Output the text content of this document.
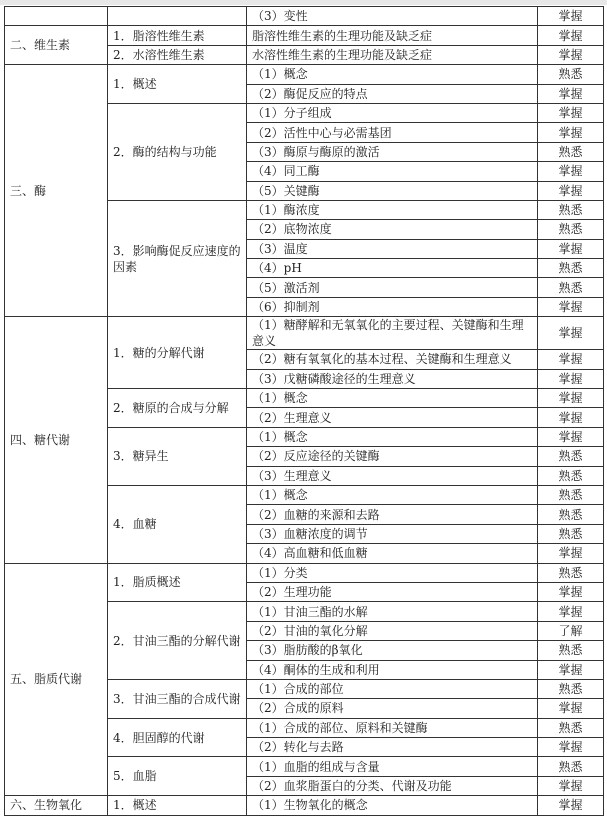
		（3）变性	掌握
二、维生素	1．脂溶性维生素	脂溶性维生素的生理功能及缺乏症	掌握
	2．水溶性维生素	水溶性维生素的生理功能及缺乏症	掌握
三、酶	1．概述	（1）概念	熟悉
		（2）酶促反应的特点	掌握
	2．酶的结构与功能	（1）分子组成	掌握
		（2）活性中心与必需基团	掌握
		（3）酶原与酶原的激活	熟悉
		（4）同工酶	掌握
		（5）关键酶	掌握
	3．影响酶促反应速度的因素	（1）酶浓度	熟悉
		（2）底物浓度	熟悉
		（3）温度	掌握
		（4）pH	熟悉
		（5）激活剂	熟悉
		（6）抑制剂	掌握
四、糖代谢	1．糖的分解代谢	（1）糖酵解和无氧氧化的主要过程、关键酶和生理意义	掌握
		（2）糖有氧氧化的基本过程、关键酶和生理意义	掌握
		（3）戊糖磷酸途径的生理意义	掌握
	2．糖原的合成与分解	（1）概念	掌握
		（2）生理意义	掌握
	3．糖异生	（1）概念	掌握
		（2）反应途径的关键酶	熟悉
		（3）生理意义	熟悉
	4．血糖	（1）概念	熟悉
		（2）血糖的来源和去路	熟悉
		（3）血糖浓度的调节	熟悉
		（4）高血糖和低血糖	掌握
五、脂质代谢	1．脂质概述	（1）分类	熟悉
		（2）生理功能	掌握
	2．甘油三酯的分解代谢	（1）甘油三酯的水解	掌握
		（2）甘油的氧化分解	了解
		（3）脂肪酸的β氧化	熟悉
		（4）酮体的生成和利用	掌握
	3．甘油三酯的合成代谢	（1）合成的部位	熟悉
		（2）合成的原料	掌握
	4．胆固醇的代谢	（1）合成的部位、原料和关键酶	熟悉
		（2）转化与去路	掌握
	5．血脂	（1）血脂的组成与含量	熟悉
		（2）血浆脂蛋白的分类、代谢及功能	掌握
六、生物氧化	1．概述	（1）生物氧化的概念	掌握
